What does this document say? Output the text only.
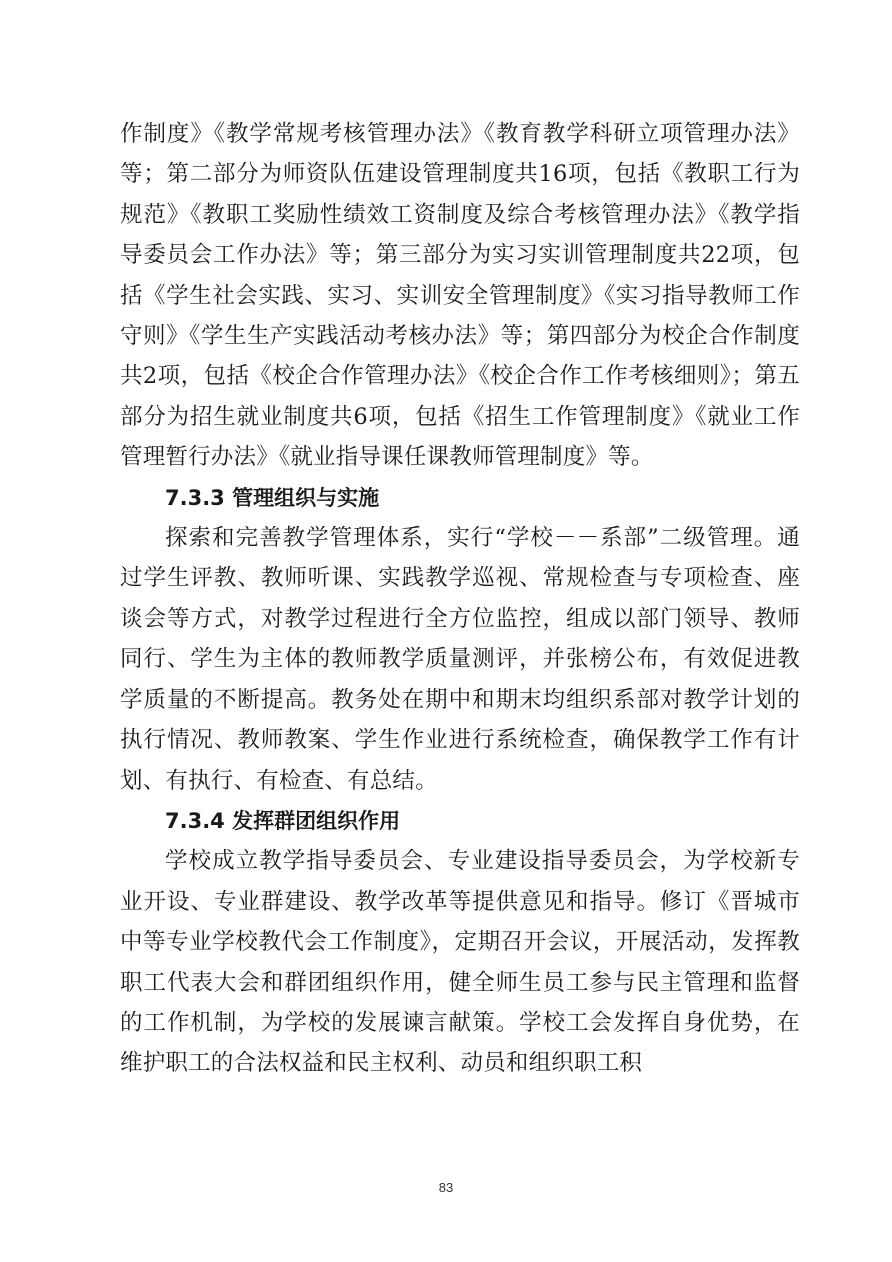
作制度》《教学常规考核管理办法》《教育教学科研立项管理办法》等；第二部分为师资队伍建设管理制度共16项，包括《教职工行为规范》《教职工奖励性绩效工资制度及综合考核管理办法》《教学指导委员会工作办法》等；第三部分为实习实训管理制度共22项，包括《学生社会实践、实习、实训安全管理制度》《实习指导教师工作守则》《学生生产实践活动考核办法》等；第四部分为校企合作制度共2项，包括《校企合作管理办法》《校企合作工作考核细则》；第五部分为招生就业制度共6项，包括《招生工作管理制度》《就业工作管理暂行办法》《就业指导课任课教师管理制度》等。

7.3.3 管理组织与实施

探索和完善教学管理体系，实行“学校－－系部”二级管理。通过学生评教、教师听课、实践教学巡视、常规检查与专项检查、座谈会等方式，对教学过程进行全方位监控，组成以部门领导、教师同行、学生为主体的教师教学质量测评，并张榜公布，有效促进教学质量的不断提高。教务处在期中和期末均组织系部对教学计划的执行情况、教师教案、学生作业进行系统检查，确保教学工作有计划、有执行、有检查、有总结。

7.3.4 发挥群团组织作用

学校成立教学指导委员会、专业建设指导委员会，为学校新专业开设、专业群建设、教学改革等提供意见和指导。修订《晋城市中等专业学校教代会工作制度》，定期召开会议，开展活动，发挥教职工代表大会和群团组织作用，健全师生员工参与民主管理和监督的工作机制，为学校的发展谏言献策。学校工会发挥自身优势，在维护职工的合法权益和民主权利、动员和组织职工积

83
